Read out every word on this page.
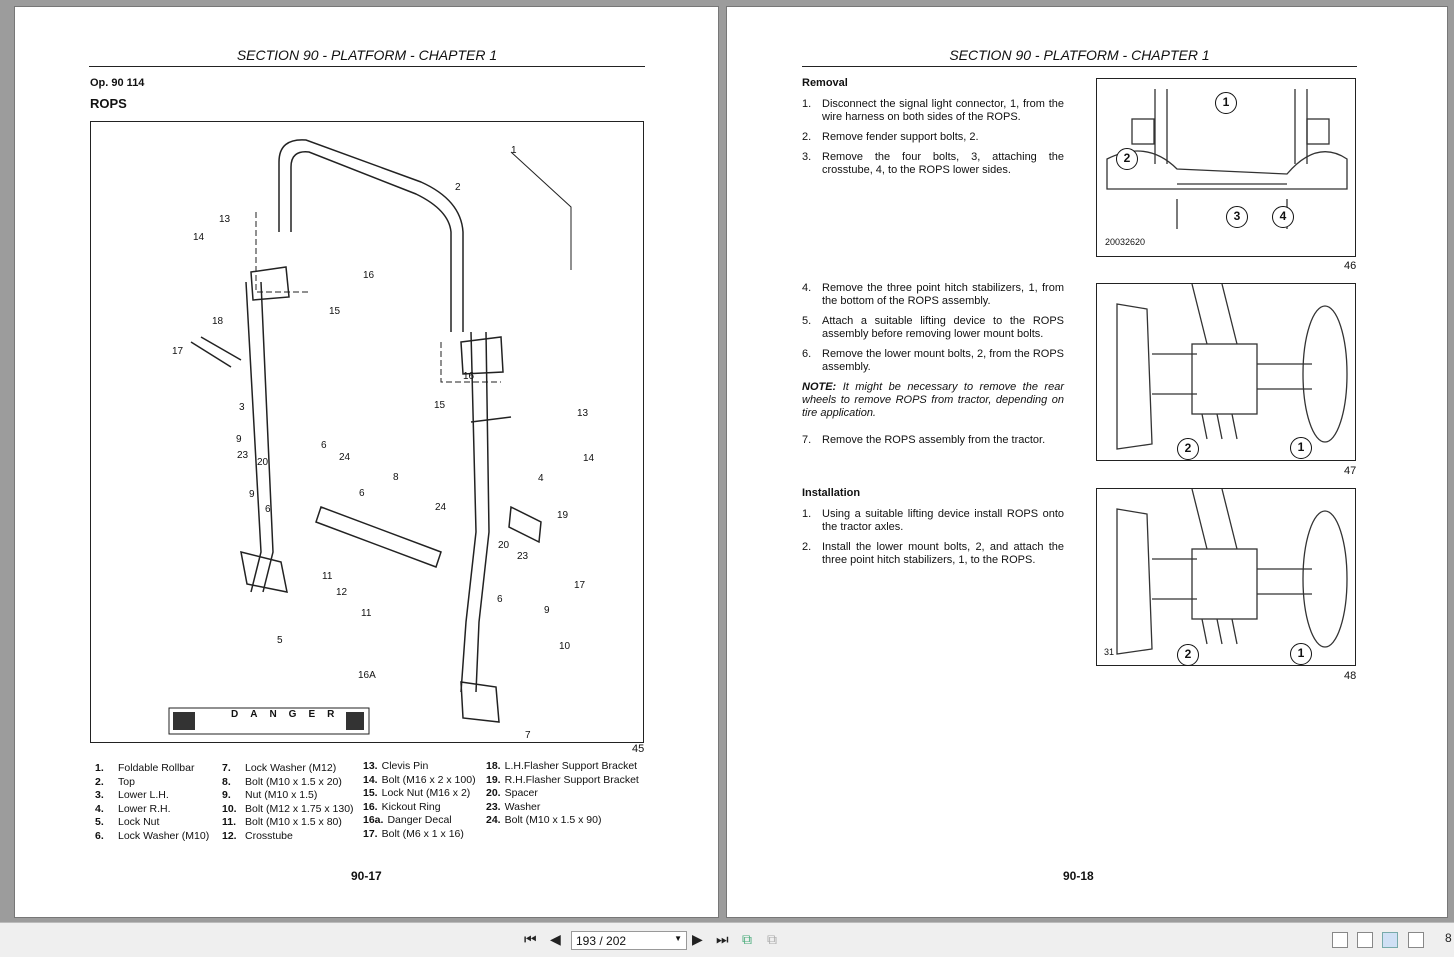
SECTION 90 - PLATFORM - CHAPTER 1
Op. 90 114
ROPS
DANGER
1
2
13
14
16
15
18
17
3
16
15
13
9
23
6
24
20	14
4
8
9	6
6	24
19
20
23
11
12
17
11
6
9
10
5
16A
7
45
1. Foldable Rollbar
2. Top
3. Lower L.H.
4. Lower R.H.
5. Lock Nut
6. Lock Washer (M10)
7. Lock Washer (M12)
8. Bolt (M10 x 1.5 x 20)
9. Nut (M10 x 1.5)
10. Bolt (M12 x 1.75 x 130)
11. Bolt (M10 x 1.5 x 80)
12. Crosstube
13. Clevis Pin
14. Bolt (M16 x 2 x 100)
15. Lock Nut (M16 x 2)
16. Kickout Ring
16a. Danger Decal
17. Bolt (M6 x 1 x 16)
18. L.H.Flasher Support Bracket
19. R.H.Flasher Support Bracket
20. Spacer
23. Washer
24. Bolt (M10 x 1.5 x 90)
90-17
SECTION 90 - PLATFORM - CHAPTER 1
Removal
1. Disconnect the signal light connector, 1, from the wire harness on both sides of the ROPS.
2. Remove fender support bolts, 2.
3. Remove the four bolts, 3, attaching the crosstube, 4, to the ROPS lower sides.
4. Remove the three point hitch stabilizers, 1, from the bottom of the ROPS assembly.
5. Attach a suitable lifting device to the ROPS assembly before removing lower mount bolts.
6. Remove the lower mount bolts, 2, from the ROPS assembly.
NOTE: It might be necessary to remove the rear wheels to remove ROPS from tractor, depending on tire application.
7. Remove the ROPS assembly from the tractor.
Installation
1. Using a suitable lifting device install ROPS onto the tractor axles.
2. Install the lower mount bolts, 2, and attach the three point hitch stabilizers, 1, to the ROPS.
20032620
1
2
3	4
46
2	1
47
31	2	1
48
90-18
⏮ ◀	193 / 202	▼ ▶ ⏭ ⧉ ⧉	8
